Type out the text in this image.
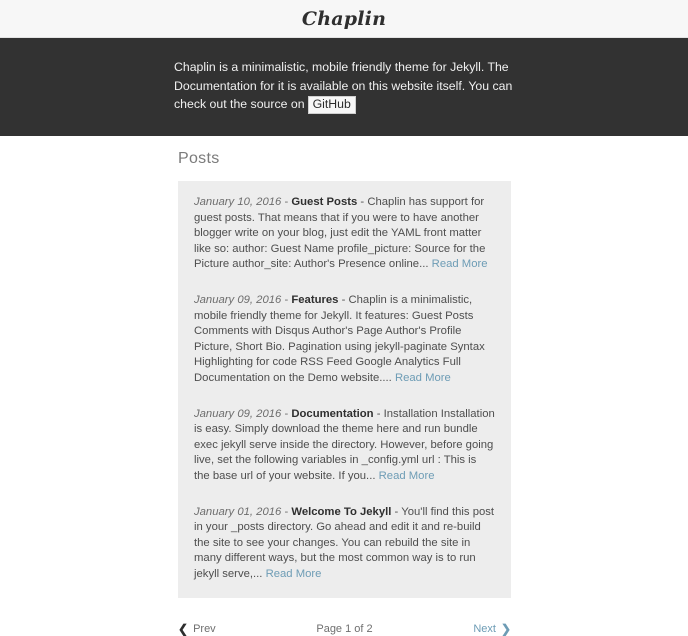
Chaplin
Chaplin is a minimalistic, mobile friendly theme for Jekyll. The Documentation for it is available on this website itself. You can check out the source on GitHub
Posts
January 10, 2016 - Guest Posts - Chaplin has support for guest posts. That means that if you were to have another blogger write on your blog, just edit the YAML front matter like so: author: Guest Name profile_picture: Source for the Picture author_site: Author's Presence online... Read More
January 09, 2016 - Features - Chaplin is a minimalistic, mobile friendly theme for Jekyll. It features: Guest Posts Comments with Disqus Author's Page Author's Profile Picture, Short Bio. Pagination using jekyll-paginate Syntax Highlighting for code RSS Feed Google Analytics Full Documentation on the Demo website.... Read More
January 09, 2016 - Documentation - Installation Installation is easy. Simply download the theme here and run bundle exec jekyll serve inside the directory. However, before going live, set the following variables in _config.yml url : This is the base url of your website. If you... Read More
January 01, 2016 - Welcome To Jekyll - You'll find this post in your _posts directory. Go ahead and edit it and re-build the site to see your changes. You can rebuild the site in many different ways, but the most common way is to run jekyll serve,... Read More
❮ Prev	Page 1 of 2	Next ❯
